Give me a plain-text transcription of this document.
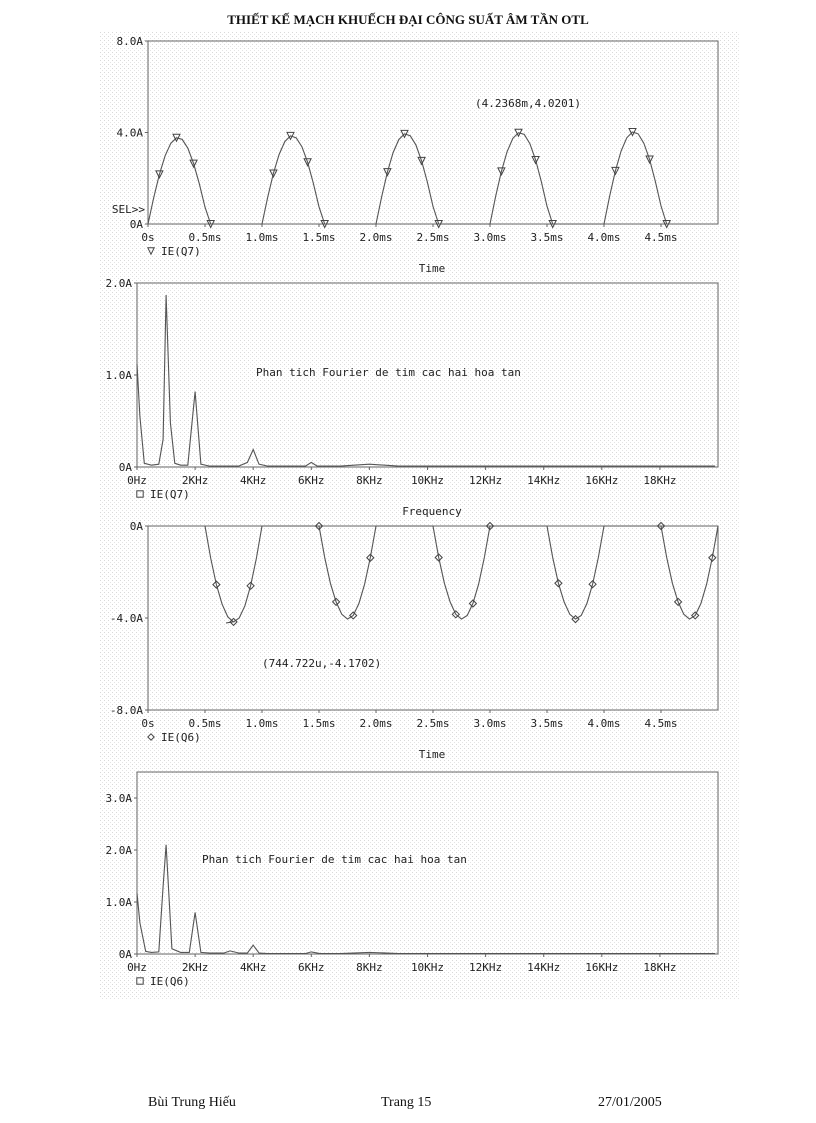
THIẾT KẾ MẠCH KHUẾCH ĐẠI CÔNG SUẤT ÂM TẦN OTL
0A
4.0A
8.0A
0s	0.5ms 1.0ms 1.5ms 2.0ms 2.5ms 3.0ms 3.5ms 4.0ms 4.5ms
SEL>>
IE(Q7)
Time
(4.2368m,4.0201)
0A
1.0A
2.0A
0Hz	2KHz	4KHz	6KHz	8KHz	10KHz 12KHz 14KHz 16KHz 18KHz
IE(Q7)
Frequency
Phan tich Fourier de tim cac hai hoa tan
0A
-4.0A
-8.0A
0s	0.5ms 1.0ms 1.5ms 2.0ms 2.5ms 3.0ms 3.5ms 4.0ms 4.5ms
IE(Q6)
Time
(744.722u,-4.1702)
0A
1.0A
2.0A
3.0A
0Hz	2KHz	4KHz	6KHz	8KHz	10KHz 12KHz 14KHz 16KHz 18KHz
IE(Q6)
Phan tich Fourier de tim cac hai hoa tan
Bùi Trung Hiếu	Trang 15	27/01/2005
